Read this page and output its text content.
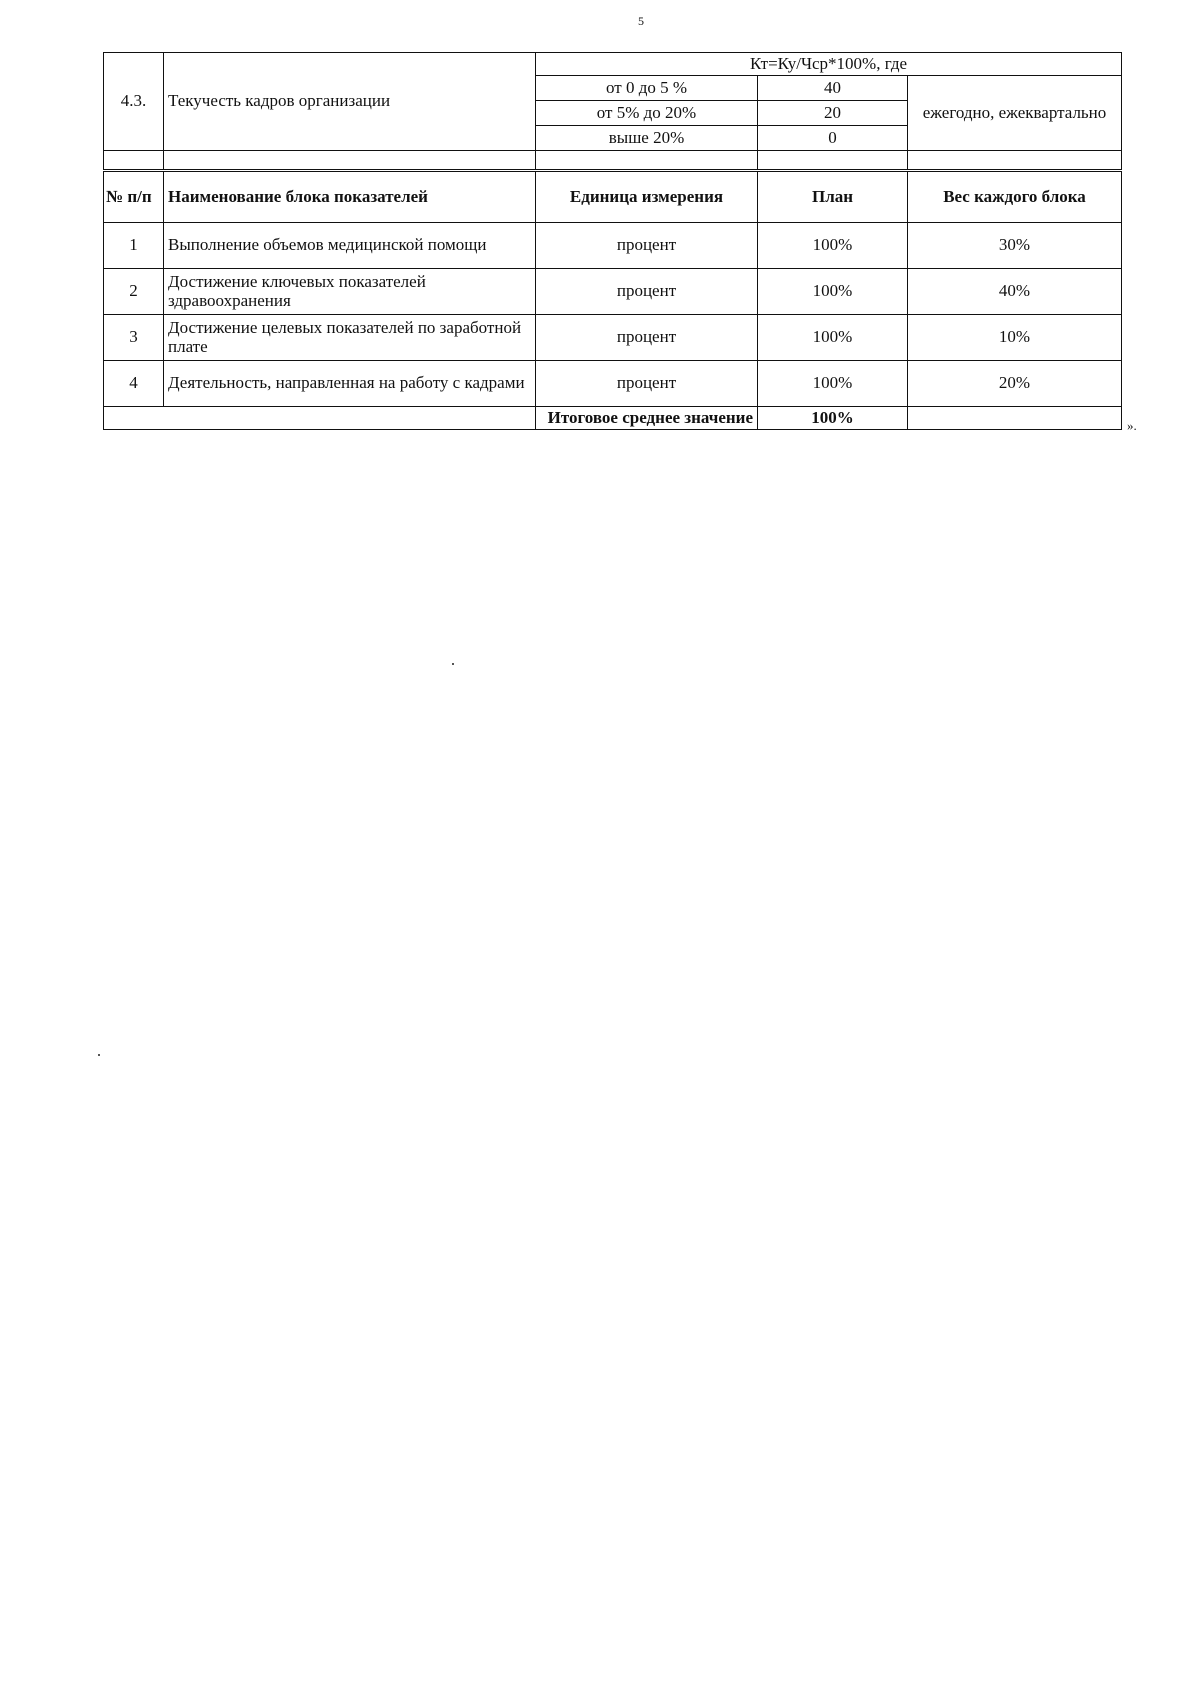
5
4.3.	Текучесть кадров организации	Кт=Ку/Чср*100%, где		
		от 0 до 5 %	40	ежегодно, ежеквартально
		от 5% до 20%	20	
		выше 20%	0	

№ п/п	Наименование блока показателей	Единица измерения	План	Вес каждого блока
1	Выполнение объемов медицинской помощи	процент	100%	30%
2	Достижение ключевых показателей здравоохранения	процент	100%	40%
3	Достижение целевых показателей по заработной плате	процент	100%	10%
4	Деятельность, направленная на работу с кадрами	процент	100%	20%
		Итоговое среднее значение	100%		».
